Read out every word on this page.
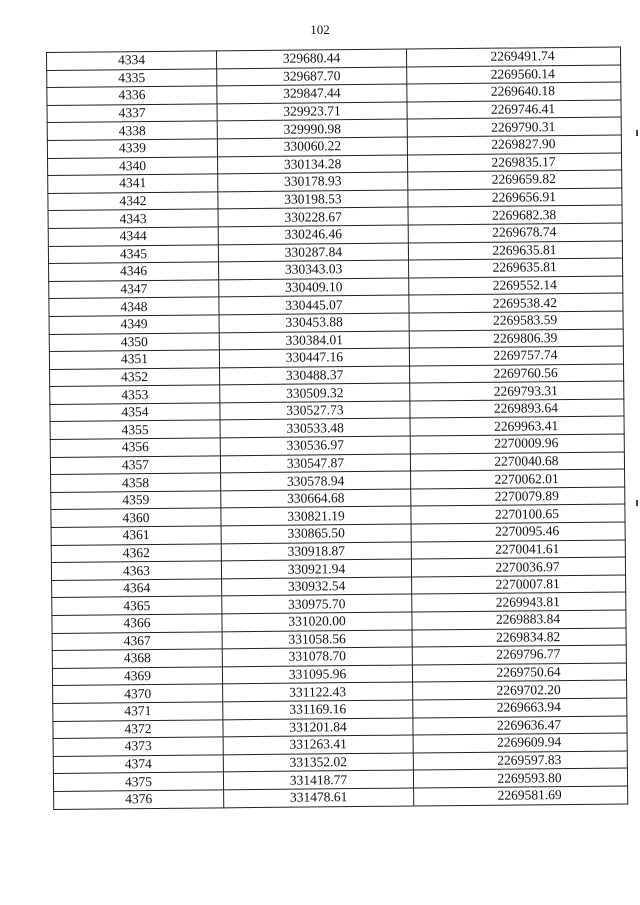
102
4334	329680.44	2269491.74
4335	329687.70	2269560.14
4336	329847.44	2269640.18
4337	329923.71	2269746.41
4338	329990.98	2269790.31
4339	330060.22	2269827.90
4340	330134.28	2269835.17
4341	330178.93	2269659.82
4342	330198.53	2269656.91
4343	330228.67	2269682.38
4344	330246.46	2269678.74
4345	330287.84	2269635.81
4346	330343.03	2269635.81
4347	330409.10	2269552.14
4348	330445.07	2269538.42
4349	330453.88	2269583.59
4350	330384.01	2269806.39
4351	330447.16	2269757.74
4352	330488.37	2269760.56
4353	330509.32	2269793.31
4354	330527.73	2269893.64
4355	330533.48	2269963.41
4356	330536.97	2270009.96
4357	330547.87	2270040.68
4358	330578.94	2270062.01
4359	330664.68	2270079.89
4360	330821.19	2270100.65
4361	330865.50	2270095.46
4362	330918.87	2270041.61
4363	330921.94	2270036.97
4364	330932.54	2270007.81
4365	330975.70	2269943.81
4366	331020.00	2269883.84
4367	331058.56	2269834.82
4368	331078.70	2269796.77
4369	331095.96	2269750.64
4370	331122.43	2269702.20
4371	331169.16	2269663.94
4372	331201.84	2269636.47
4373	331263.41	2269609.94
4374	331352.02	2269597.83
4375	331418.77	2269593.80
4376	331478.61	2269581.69
